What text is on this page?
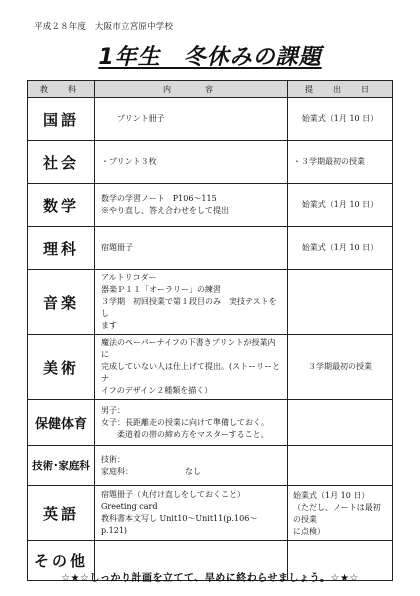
平成２８年度　大阪市立宮原中学校
1年生　冬休みの課題
教　科	内　　容	提　出　日
国語	プリント冊子	始業式（1月 10 日）

社会	・プリント３枚	・３学期最初の授業

数学	数学の学習ノート　P106～115
※やり直し、答え合わせをして提出	始業式（1月 10 日）

理科	宿題冊子	始業式（1月 10 日）

音楽	アルトリコダー
器楽Ｐ１１「オーラリー」の練習
３学期　初回授業で第１段目のみ　実技テストをし
ます	

美術	魔法のペーパーナイフの下書きプリントが授業内に
完成していない人は仕上げて提出。(ストーリーとナ
イフのデザイン２種類を描く）	３学期最初の授業

保健体育	男子：
女子：長距離走の授業に向けて準備しておく。
柔道着の帯の締め方をマスターすること。	

技術･家庭科	技術：
家庭科： なし	

英語	宿題冊子（丸付け直しをしておくこと）
Greeting card
教科書本文写し Unit10～Unit11(p.106～p.121)	始業式（1月 10 日）
（ただし、ノートは最初の授業
に点検）

その他		
☆★☆しっかり計画を立てて、早めに終わらせましょう。☆★☆
